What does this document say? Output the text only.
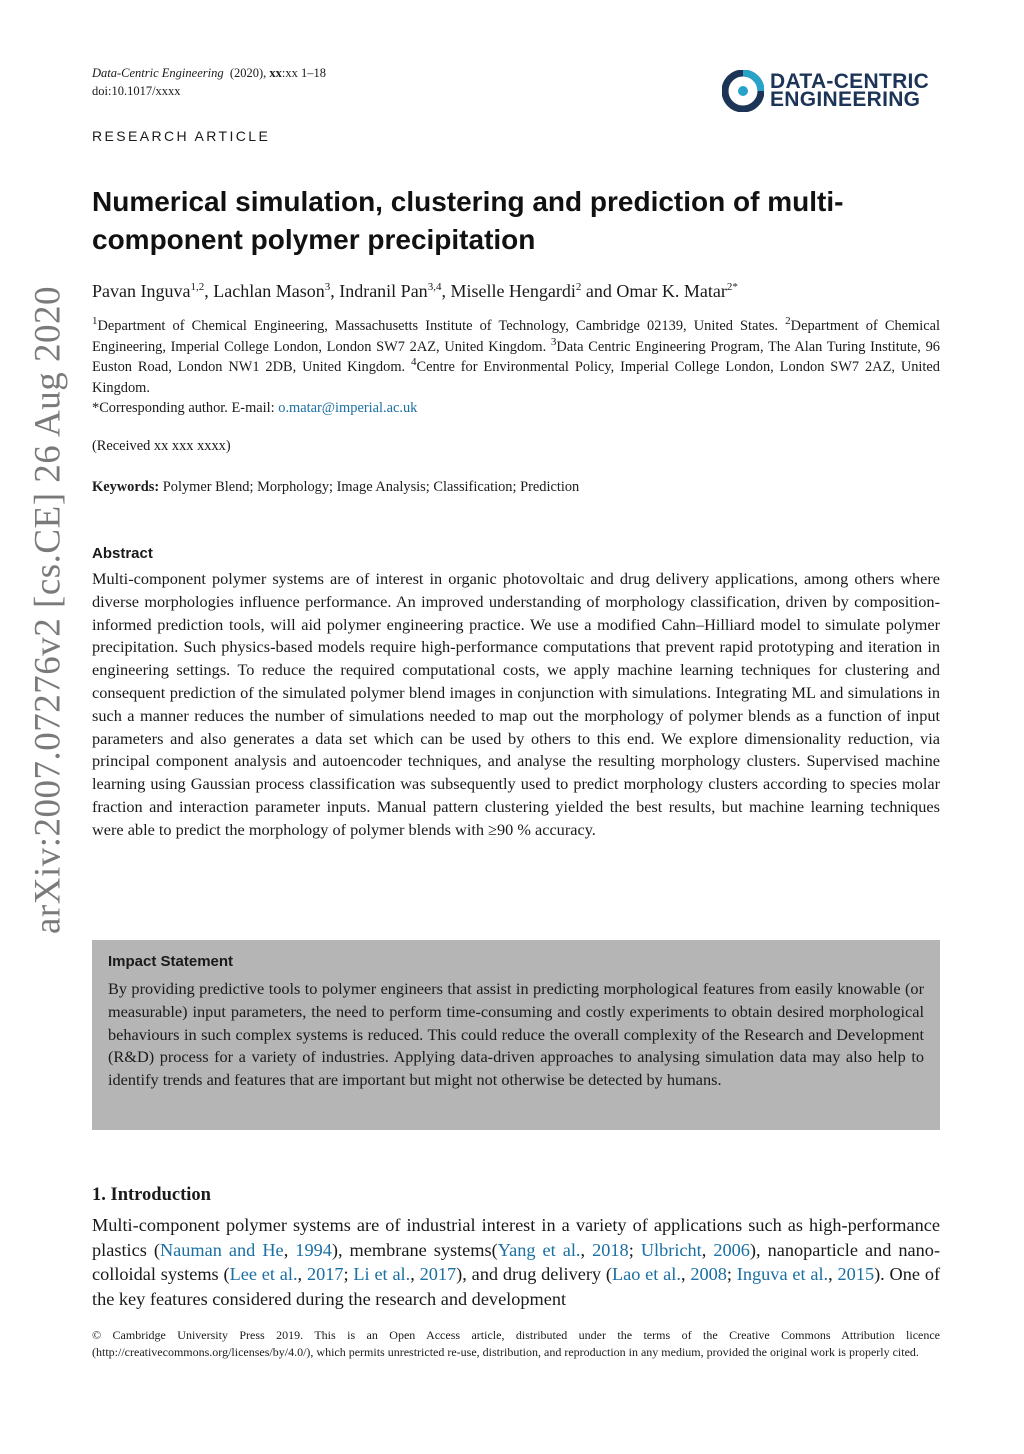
Data-Centric Engineering (2020), xx:xx 1–18
doi:10.1017/xxxx	DATA-CENTRIC
ENGINEERING
arXiv:2007.07276v2 [cs.CE] 26 Aug 2020
RESEARCH ARTICLE
Numerical simulation, clustering and prediction of multi-component polymer precipitation
Pavan Inguva$^{1,2}$, Lachlan Mason$^3$, Indranil Pan$^{3,4}$, Miselle Hengardi$^2$ and Omar K. Matar$^{2*}$
$^1$Department of Chemical Engineering, Massachusetts Institute of Technology, Cambridge 02139, United States. $^2$Department of Chemical Engineering, Imperial College London, London SW7 2AZ, United Kingdom. $^3$Data Centric Engineering Program, The Alan Turing Institute, 96 Euston Road, London NW1 2DB, United Kingdom. $^4$Centre for Environmental Policy, Imperial College London, London SW7 2AZ, United Kingdom.
*Corresponding author. E-mail: o.matar@imperial.ac.uk
(Received xx xxx xxxx)
Keywords: Polymer Blend; Morphology; Image Analysis; Classification; Prediction
Abstract
Multi-component polymer systems are of interest in organic photovoltaic and drug delivery applications, among others where diverse morphologies influence performance. An improved understanding of morphology classification, driven by composition-informed prediction tools, will aid polymer engineering practice. We use a modified Cahn–Hilliard model to simulate polymer precipitation. Such physics-based models require high-performance computations that prevent rapid prototyping and iteration in engineering settings. To reduce the required computational costs, we apply machine learning techniques for clustering and consequent prediction of the simulated polymer blend images in conjunction with simulations. Integrating ML and simulations in such a manner reduces the number of simulations needed to map out the morphology of polymer blends as a function of input parameters and also generates a data set which can be used by others to this end. We explore dimensionality reduction, via principal component analysis and autoencoder techniques, and analyse the resulting morphology clusters. Supervised machine learning using Gaussian process classification was subsequently used to predict morphology clusters according to species molar fraction and interaction parameter inputs. Manual pattern clustering yielded the best results, but machine learning techniques were able to predict the morphology of polymer blends with ≥90 % accuracy.
Impact Statement
By providing predictive tools to polymer engineers that assist in predicting morphological features from easily knowable (or measurable) input parameters, the need to perform time-consuming and costly experiments to obtain desired morphological behaviours in such complex systems is reduced. This could reduce the overall complexity of the Research and Development (R&D) process for a variety of industries. Applying data-driven approaches to analysing simulation data may also help to identify trends and features that are important but might not otherwise be detected by humans.
1. Introduction
Multi-component polymer systems are of industrial interest in a variety of applications such as high-performance plastics (Nauman and He, 1994), membrane systems(Yang et al., 2018; Ulbricht, 2006), nanoparticle and nano-colloidal systems (Lee et al., 2017; Li et al., 2017), and drug delivery (Lao et al., 2008; Inguva et al., 2015). One of the key features considered during the research and development
© Cambridge University Press 2019. This is an Open Access article, distributed under the terms of the Creative Commons Attribution licence (http://creativecommons.org/licenses/by/4.0/), which permits unrestricted re-use, distribution, and reproduction in any medium, provided the original work is properly cited.
